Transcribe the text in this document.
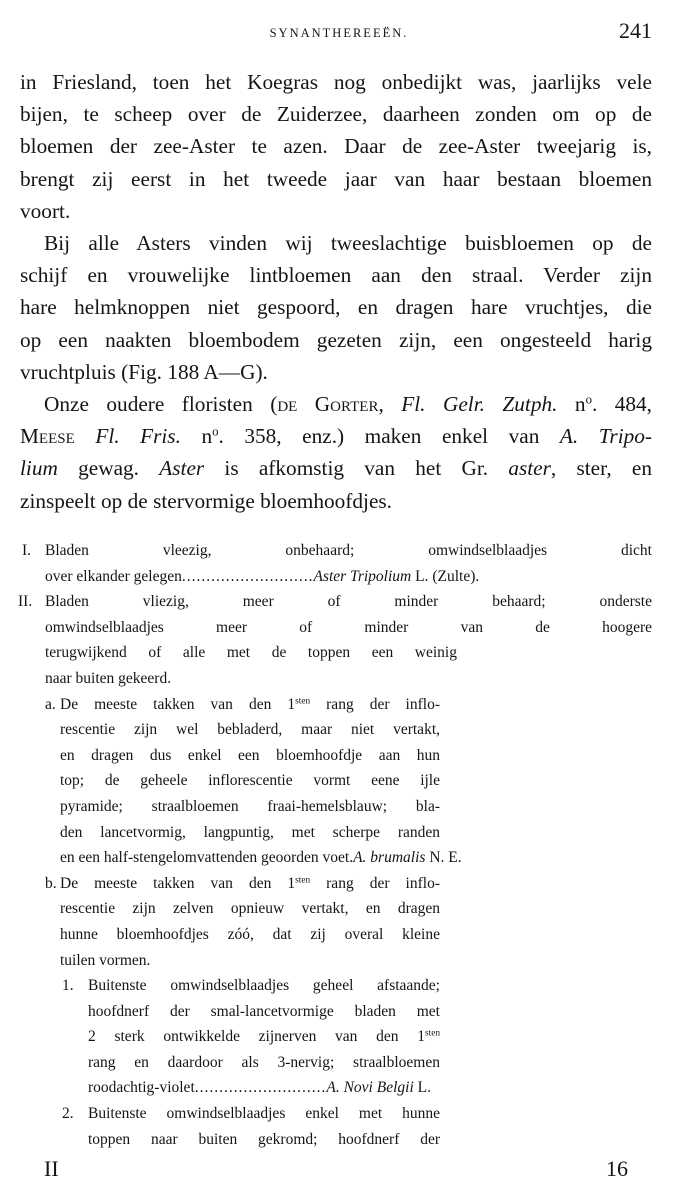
SYNANTHEREEËN.	241
in Friesland, toen het Koegras nog onbedijkt was, jaarlijks vele
bijen, te scheep over de Zuiderzee, daarheen zonden om op de
bloemen der zee-Aster te azen. Daar de zee-Aster tweejarig is,
brengt zij eerst in het tweede jaar van haar bestaan bloemen
voort.
Bij alle Asters vinden wij tweeslachtige buisbloemen op de
schijf en vrouwelijke lintbloemen aan den straal. Verder zijn
hare helmknoppen niet gespoord, en dragen hare vruchtjes, die
op een naakten bloembodem gezeten zijn, een ongesteeld harig
vruchtpluis (Fig. 188 A—G).
Onze oudere floristen (de Gorter, Fl. Gelr. Zutph. $n^o$. 484,
Meese Fl. Fris. $n^o$. 358, enz.) maken enkel van A. Tripo-
lium gewag. Aster is afkomstig van het Gr. aster, ster, en
zinspeelt op de stervormige bloemhoofdjes.
I. Bladen vleezig, onbehaard; omwindselblaadjes dicht
over elkander gelegen...........................Aster Tripolium L. (Zulte).
II. Bladen vliezig, meer of minder behaard; onderste
omwindselblaadjes meer of minder van de hoogere
terugwijkend of alle met de toppen een weinig
naar buiten gekeerd.
a. De meeste takken van den $1^{sten}$ rang der inflo-
rescentie zijn wel bebladerd, maar niet vertakt,
en dragen dus enkel een bloemhoofdje aan hun
top; de geheele inflorescentie vormt eene ijle
pyramide; straalbloemen fraai-hemelsblauw; bla-
den lancetvormig, langpuntig, met scherpe randen
en een half-stengelomvattenden geoorden voet.A. brumalis N. E.
b. De meeste takken van den $1^{sten}$ rang der inflo-
rescentie zijn zelven opnieuw vertakt, en dragen
hunne bloemhoofdjes zóó, dat zij overal kleine
tuilen vormen.
1. Buitenste omwindselblaadjes geheel afstaande;
hoofdnerf der smal-lancetvormige bladen met
2 sterk ontwikkelde zijnerven van den $1^{sten}$
rang en daardoor als 3-nervig; straalbloemen
roodachtig-violet...........................A. Novi Belgii L.
2. Buitenste omwindselblaadjes enkel met hunne
toppen naar buiten gekromd; hoofdnerf der
II	16
